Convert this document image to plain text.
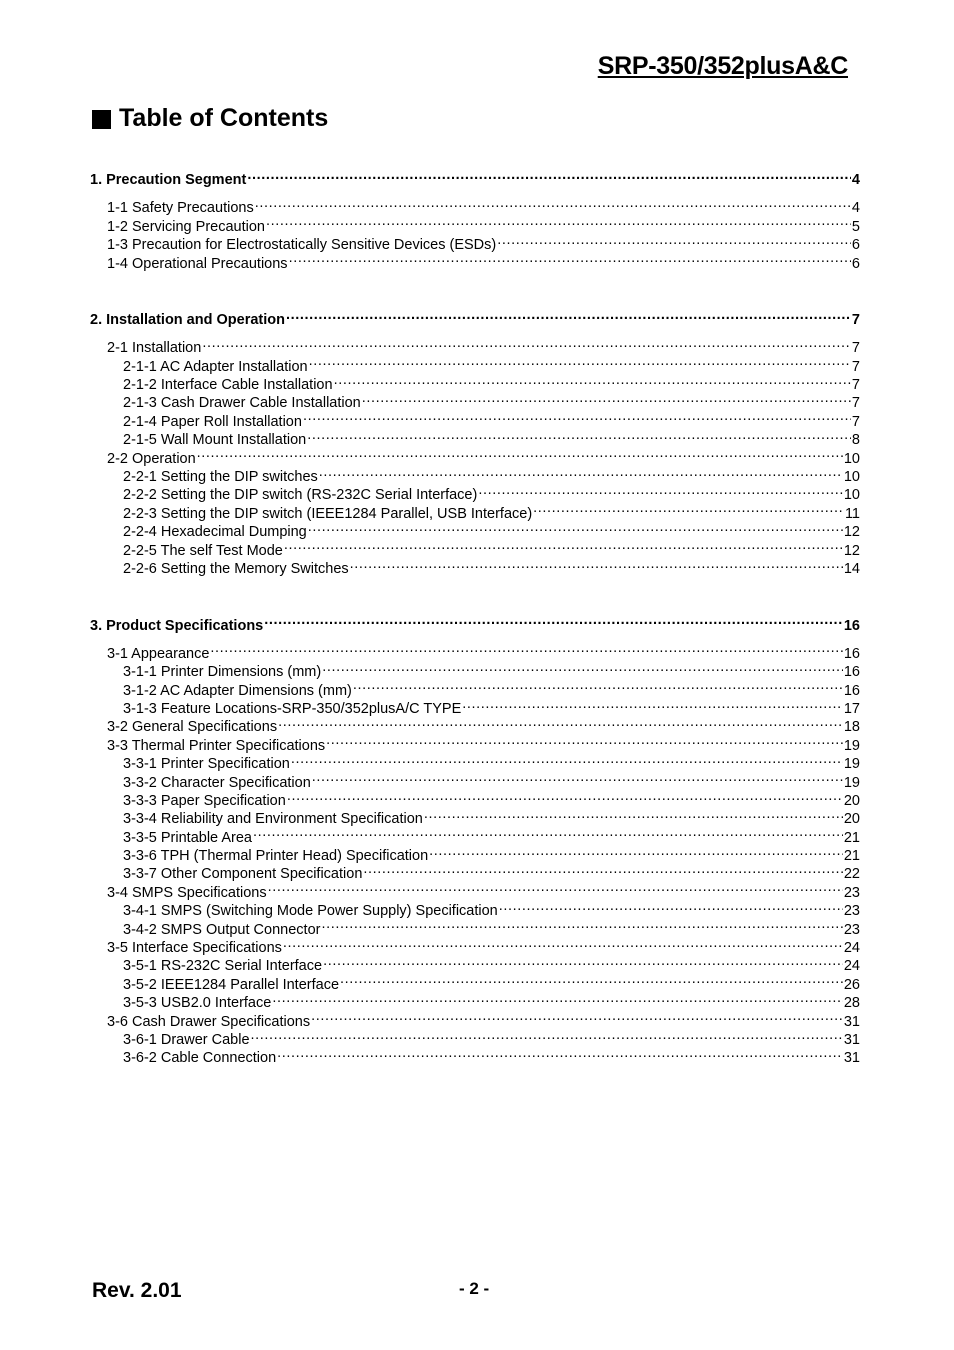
SRP-350/352plusA&C
Table of Contents
1. Precaution Segment .....	4
1-1 Safety Precautions .....	4
1-2 Servicing Precaution .....	5
1-3 Precaution for Electrostatically Sensitive Devices (ESDs) .....	6
1-4 Operational Precautions .....	6
2. Installation and Operation .....	7
2-1 Installation .....	7
2-1-1 AC Adapter Installation .....	7
2-1-2 Interface Cable Installation .....	7
2-1-3 Cash Drawer Cable Installation .....	7
2-1-4 Paper Roll Installation .....	7
2-1-5 Wall Mount Installation .....	8
2-2 Operation .....	10
2-2-1 Setting the DIP switches .....	10
2-2-2 Setting the DIP switch (RS-232C Serial Interface) .....	10
2-2-3 Setting the DIP switch (IEEE1284 Parallel, USB Interface) .....	11
2-2-4 Hexadecimal Dumping .....	12
2-2-5 The self Test Mode .....	12
2-2-6 Setting the Memory Switches .....	14
3. Product Specifications .....	16
3-1 Appearance .....	16
3-1-1 Printer Dimensions (mm) .....	16
3-1-2 AC Adapter Dimensions (mm) .....	16
3-1-3 Feature Locations-SRP-350/352plusA/C TYPE .....	17
3-2 General Specifications .....	18
3-3 Thermal Printer Specifications .....	19
3-3-1 Printer Specification .....	19
3-3-2 Character Specification .....	19
3-3-3 Paper Specification .....	20
3-3-4 Reliability and Environment Specification .....	20
3-3-5 Printable Area .....	21
3-3-6 TPH (Thermal Printer Head) Specification .....	21
3-3-7 Other Component Specification .....	22
3-4 SMPS Specifications .....	23
3-4-1 SMPS (Switching Mode Power Supply) Specification .....	23
3-4-2 SMPS Output Connector .....	23
3-5 Interface Specifications .....	24
3-5-1 RS-232C Serial Interface .....	24
3-5-2 IEEE1284 Parallel Interface .....	26
3-5-3 USB2.0 Interface .....	28
3-6 Cash Drawer Specifications .....	31
3-6-1 Drawer Cable .....	31
3-6-2 Cable Connection .....	31
Rev. 2.01	- 2 -
